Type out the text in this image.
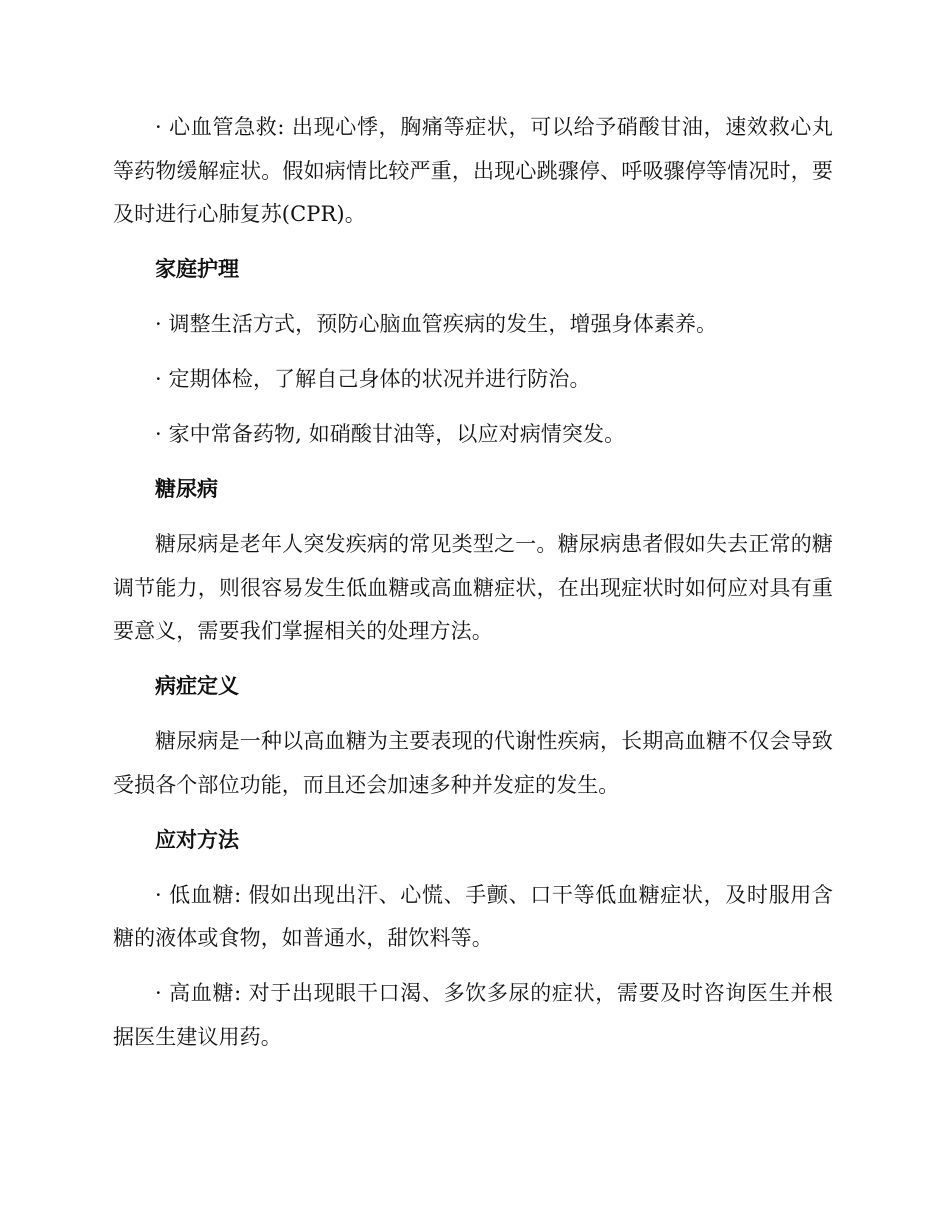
· 心血管急救: 出现心悸，胸痛等症状，可以给予硝酸甘油，速效救心丸等药物缓解症状。假如病情比较严重，出现心跳骤停、呼吸骤停等情况时，要及时进行心肺复苏(CPR)。

家庭护理

· 调整生活方式，预防心脑血管疾病的发生，增强身体素养。

· 定期体检，了解自己身体的状况并进行防治。

· 家中常备药物, 如硝酸甘油等，以应对病情突发。

糖尿病

糖尿病是老年人突发疾病的常见类型之一。糖尿病患者假如失去正常的糖调节能力，则很容易发生低血糖或高血糖症状，在出现症状时如何应对具有重要意义，需要我们掌握相关的处理方法。

病症定义

糖尿病是一种以高血糖为主要表现的代谢性疾病，长期高血糖不仅会导致受损各个部位功能，而且还会加速多种并发症的发生。

应对方法

· 低血糖: 假如出现出汗、心慌、手颤、口干等低血糖症状，及时服用含糖的液体或食物，如普通水，甜饮料等。

· 高血糖: 对于出现眼干口渴、多饮多尿的症状，需要及时咨询医生并根据医生建议用药。
